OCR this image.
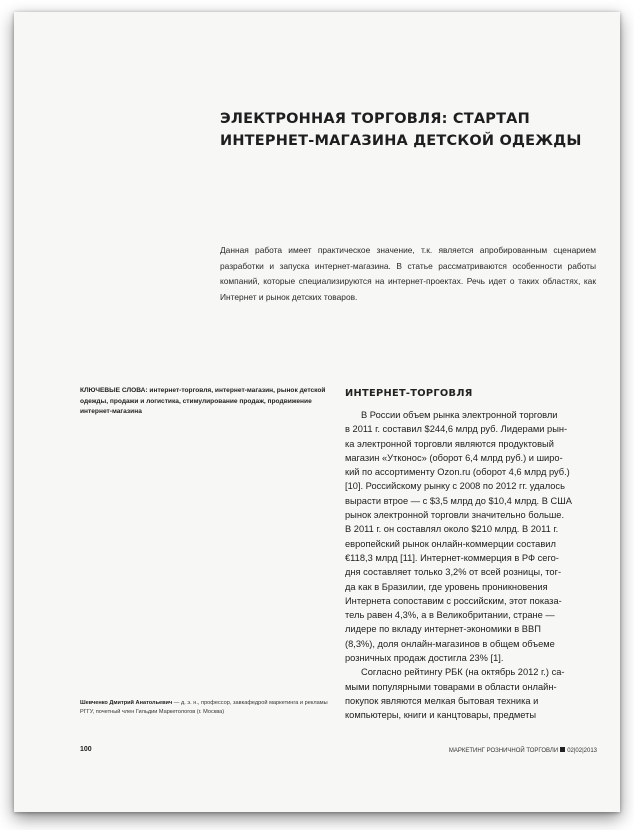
ЭЛЕКТРОННАЯ ТОРГОВЛЯ: СТАРТАП
ИНТЕРНЕТ-МАГАЗИНА ДЕТСКОЙ ОДЕЖДЫ

Данная работа имеет практическое значение, т.к. является апробированным сценарием разработки и запуска интернет-магазина. В статье рассматриваются особенности работы компаний, которые специализируются на интернет-проектах. Речь идет о таких областях, как Интернет и рынок детских товаров.

КЛЮЧЕВЫЕ СЛОВА: интернет-торговля, интернет-магазин, рынок детской одежды, продажи и логистика, стимулирование продаж, продвижение интернет-магазина

Шевченко Дмитрий Анатольевич — д. э. н., профессор, завкафедрой маркетинга и рекламы РГГУ, почетный член Гильдии Маркетологов (г. Москва)

ИНТЕРНЕТ-ТОРГОВЛЯ
В России объем рынка электронной торговли
в 2011 г. составил $244,6 млрд руб. Лидерами рын-
ка электронной торговли являются продуктовый
магазин «Утконос» (оборот 6,4 млрд руб.) и широ-
кий по ассортименту Ozon.ru (оборот 4,6 млрд руб.)
[10]. Российскому рынку с 2008 по 2012 гг. удалось
вырасти втрое — с $3,5 млрд до $10,4 млрд. В США
рынок электронной торговли значительно больше.
В 2011 г. он составлял около $210 млрд. В 2011 г.
европейский рынок онлайн-коммерции составил
€118,3 млрд [11]. Интернет-коммерция в РФ сего-
дня составляет только 3,2% от всей розницы, тог-
да как в Бразилии, где уровень проникновения
Интернета сопоставим с российским, этот показа-
тель равен 4,3%, а в Великобритании, стране —
лидере по вкладу интернет-экономики в ВВП
(8,3%), доля онлайн-магазинов в общем объеме
розничных продаж достигла 23% [1].
Согласно рейтингу РБК (на октябрь 2012 г.) са-
мыми популярными товарами в области онлайн-
покупок являются мелкая бытовая техника и
компьютеры, книги и канцтовары, предметы

100	МАРКЕТИНГ РОЗНИЧНОЙ ТОРГОВЛИ 02|02|2013
